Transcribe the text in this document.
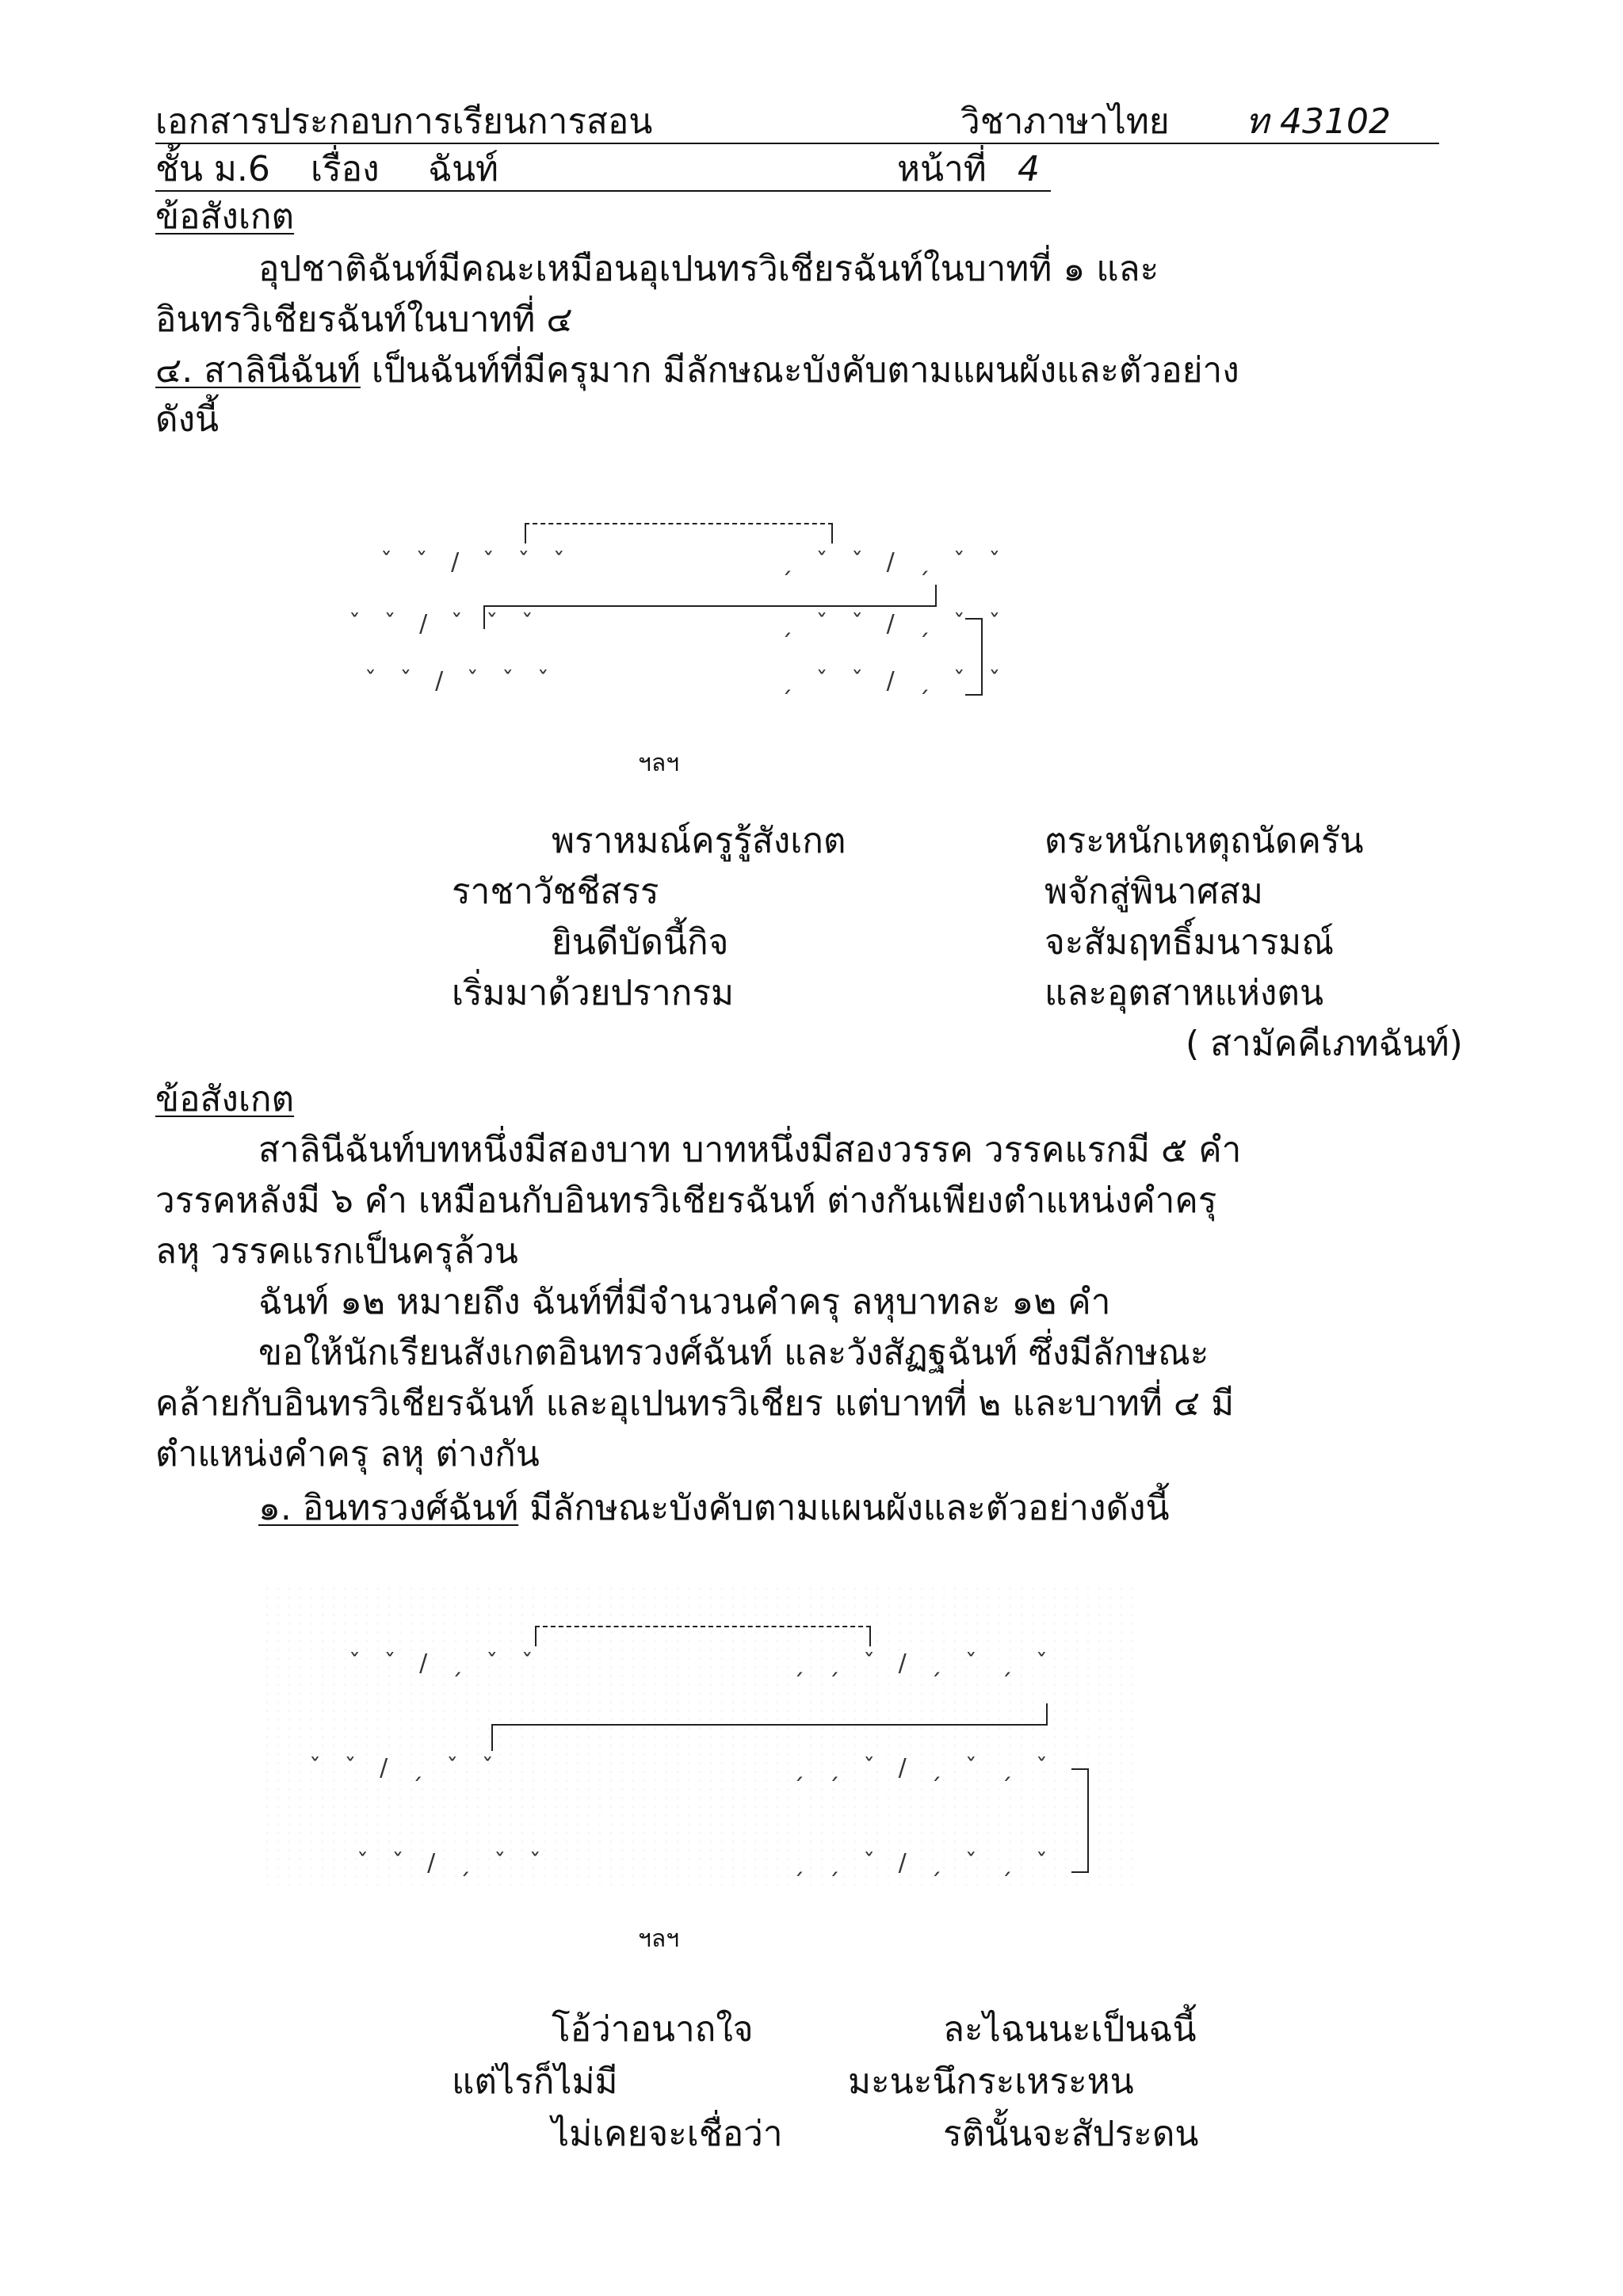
เอกสารประกอบการเรียนการสอน	วิชาภาษาไทย ท 43102
ชั้น ม.6 เรื่อง ฉันท์	หน้าที่ 4
ข้อสังเกต
อุปชาติฉันท์มีคณะเหมือนอุเปนทรวิเชียรฉันท์ในบาทที่ ๑ และ
อินทรวิเชียรฉันท์ในบาทที่ ๔
๔. สาลินีฉันท์ เป็นฉันท์ที่มีครุมาก มีลักษณะบังคับตามแผนผังและตัวอย่าง
ดังนี้
ˇ ˇ / ˇ ˇ ˇ	ˏ ˇ ˇ / ˏ ˇ ˇ
ˇ ˇ / ˇ ˇ ˇ	ˏ ˇ ˇ / ˏ ˇ ˇ
ˇ ˇ / ˇ ˇ ˇ	ˏ ˇ ˇ / ˏ ˇ ˇ
ฯลฯ
พราหมณ์ครูรู้สังเกต	ตระหนักเหตุถนัดครัน
ราชาวัชชีสรร	พจักสู่พินาศสม
ยินดีบัดนี้กิจ	จะสัมฤทธิ์มนารมณ์
เริ่มมาด้วยปรากรม	และอุตสาหแห่งตน
( สามัคคีเภทฉันท์)
ข้อสังเกต
สาลินีฉันท์บทหนึ่งมีสองบาท บาทหนึ่งมีสองวรรค วรรคแรกมี ๕ คำ
วรรคหลังมี ๖ คำ เหมือนกับอินทรวิเชียรฉันท์ ต่างกันเพียงตำแหน่งคำครุ
ลหุ วรรคแรกเป็นครุล้วน
ฉันท์ ๑๒ หมายถึง ฉันท์ที่มีจำนวนคำครุ ลหุบาทละ ๑๒ คำ
ขอให้นักเรียนสังเกตอินทรวงศ์ฉันท์ และวังสัฏฐฉันท์ ซึ่งมีลักษณะ
คล้ายกับอินทรวิเชียรฉันท์ และอุเปนทรวิเชียร แต่บาทที่ ๒ และบาทที่ ๔ มี
ตำแหน่งคำครุ ลหุ ต่างกัน
๑. อินทรวงศ์ฉันท์ มีลักษณะบังคับตามแผนผังและตัวอย่างดังนี้
ˇ ˇ / ˏ ˇ ˇ	ˏ ˏ ˇ / ˏ ˇ ˏ ˇ
ˇ ˇ / ˏ ˇ ˇ	ˏ ˏ ˇ / ˏ ˇ ˏ ˇ
ˇ ˇ / ˏ ˇ ˇ	ˏ ˏ ˇ / ˏ ˇ ˏ ˇ
ฯลฯ
โอ้ว่าอนาถใจ	ละไฉนนะเป็นฉนี้
แต่ไรก็ไม่มี	มะนะนึกระเหระหน
ไม่เคยจะเชื่อว่า	รตินั้นจะสัประดน
